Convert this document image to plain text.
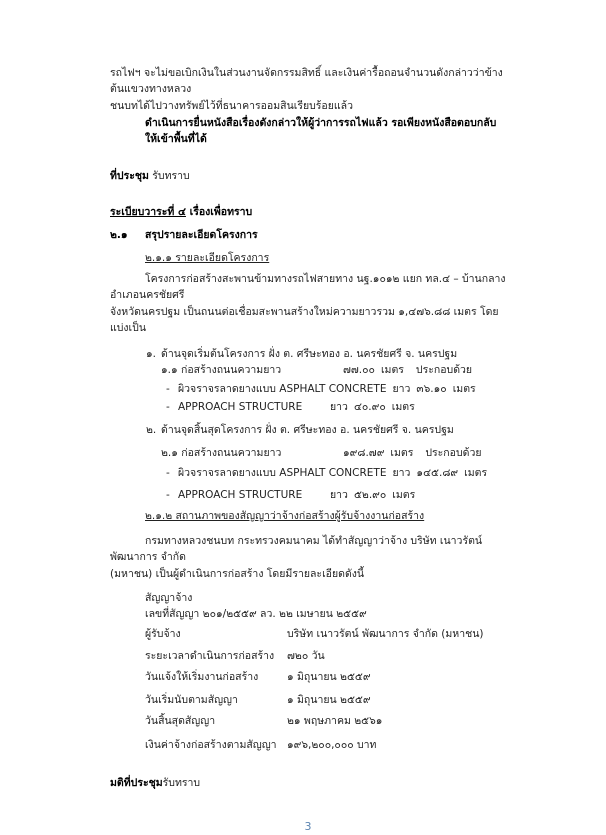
รถไฟฯ จะไม่ขอเบิกเงินในส่วนงานจัดกรรมสิทธิ์ และเงินค่ารื้อถอนจำนวนดังกล่าวว่าข้างต้นแขวงทางหลวง
ชนบทได้ไปวางทรัพย์ไว้ที่ธนาคารออมสินเรียบร้อยแล้ว
ดำเนินการยื่นหนังสือเรื่องดังกล่าวให้ผู้ว่าการรถไฟแล้ว รอเพียงหนังสือตอบกลับให้เข้าพื้นที่ได้
ที่ประชุม รับทราบ
ระเบียบวาระที่ ๔ เรื่องเพื่อทราบ
๒.๑	สรุปรายละเอียดโครงการ
๒.๑.๑ รายละเอียดโครงการ
โครงการก่อสร้างสะพานข้ามทางรถไฟสายทาง นฐ.๑๐๑๒ แยก ทล.๔ – บ้านกลาง อำเภอนครชัยศรี
จังหวัดนครปฐม เป็นถนนต่อเชื่อมสะพานสร้างใหม่ความยาวรวม ๑,๔๗๖.๘๘ เมตร โดยแบ่งเป็น
๑. ด้านจุดเริ่มต้นโครงการ ฝั่ง ต. ศรีษะทอง อ. นครชัยศรี จ. นครปฐม
๑.๑ ก่อสร้างถนนความยาว	๗๗.๐๐ เมตร	ประกอบด้วย
- ผิวจราจรลาดยางแบบ ASPHALT CONCRETE ยาว ๓๖.๑๐ เมตร
- APPROACH STRUCTURE	ยาว ๔๐.๙๐ เมตร
๒. ด้านจุดสิ้นสุดโครงการ ฝั่ง ต. ศรีษะทอง อ. นครชัยศรี จ. นครปฐม
๒.๑ ก่อสร้างถนนความยาว	๑๙๘.๗๙ เมตร	ประกอบด้วย
- ผิวจราจรลาดยางแบบ ASPHALT CONCRETE ยาว ๑๔๕.๘๙ เมตร
- APPROACH STRUCTURE	ยาว ๕๒.๙๐ เมตร
๒.๑.๒ สถานภาพของสัญญาว่าจ้างก่อสร้างผู้รับจ้างงานก่อสร้าง
กรมทางหลวงชนบท กระทรวงคมนาคม ได้ทำสัญญาว่าจ้าง บริษัท เนาวรัตน์พัฒนาการ จำกัด
(มหาชน) เป็นผู้ดำเนินการก่อสร้าง โดยมีรายละเอียดดังนี้
สัญญาจ้าง
เลขที่สัญญา ๒๐๑/๒๕๕๙ ลว. ๒๒ เมษายน ๒๕๕๙
ผู้รับจ้าง	บริษัท เนาวรัตน์ พัฒนาการ จำกัด (มหาชน)
ระยะเวลาดำเนินการก่อสร้าง	๗๒๐ วัน
วันแจ้งให้เริ่มงานก่อสร้าง	๑ มิถุนายน ๒๕๕๙
วันเริ่มนับตามสัญญา	๑ มิถุนายน ๒๕๕๙
วันสิ้นสุดสัญญา	๒๑ พฤษภาคม ๒๕๖๑
เงินค่าจ้างก่อสร้างตามสัญญา ๑๙๖,๒๐๐,๐๐๐ บาท
มติที่ประชุมรับทราบ
3
